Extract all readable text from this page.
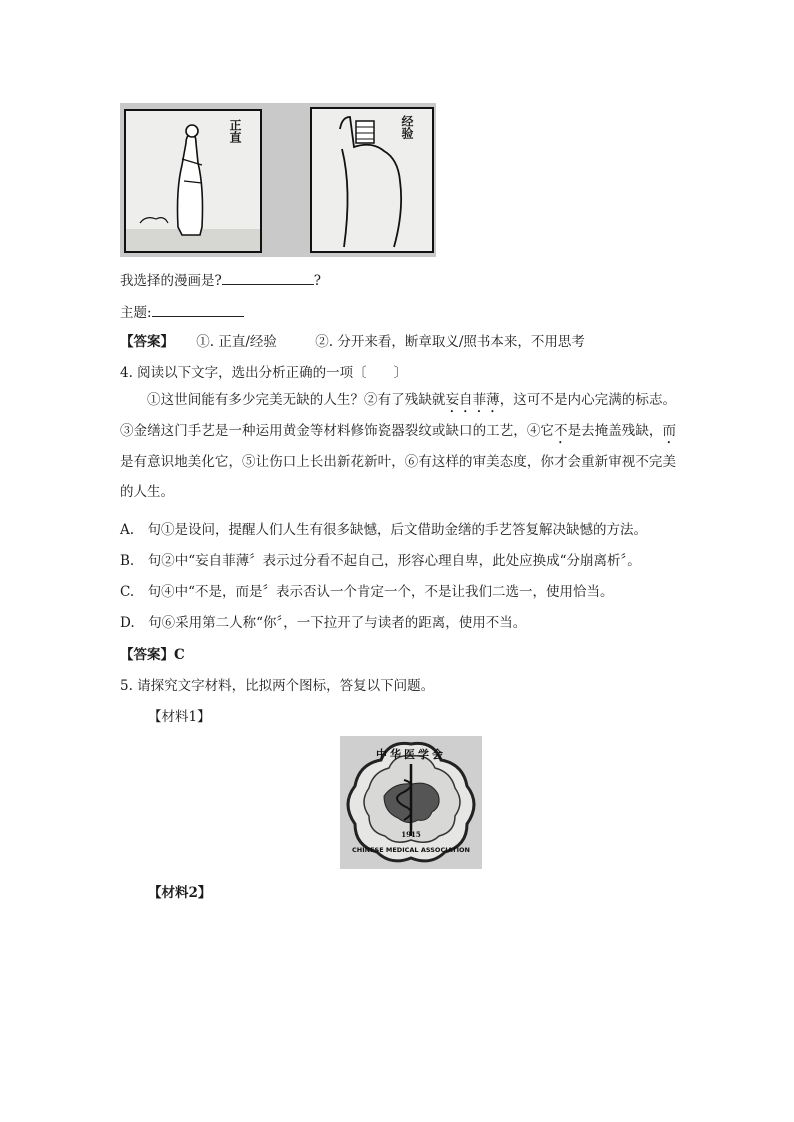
正直	经验
我选择的漫画是?	?
主题:
【答案】 ①. 正直/经验	②. 分开来看，断章取义/照书本来，不用思考
4. 阅读以下文字，选出分析正确的一项〔　　〕
①这世间能有多少完美无缺的人生？②有了残缺就妄自菲薄，这可不是内心完满的标志。③金缮这门手艺是一种运用黄金等材料修饰瓷器裂纹或缺口的工艺，④它不是去掩盖残缺，而是有意识地美化它，⑤让伤口上长出新花新叶，⑥有这样的审美态度，你才会重新审视不完美的人生。
A.　句①是设问，提醒人们人生有很多缺憾，后文借助金缮的手艺答复解决缺憾的方法。
B.　句②中“妄自菲薄〞表示过分看不起自己，形容心理自卑，此处应换成“分崩离析〞。
C.　句④中“不是，而是〞表示否认一个肯定一个，不是让我们二选一，使用恰当。
D.　句⑥采用第二人称“你〞，一下拉开了与读者的距离，使用不当。
【答案】C
5. 请探究文字材料，比拟两个图标，答复以下问题。
【材料1】
中华医学会
1915
CHINESE MEDICAL ASSOCIATION
【材料2】
